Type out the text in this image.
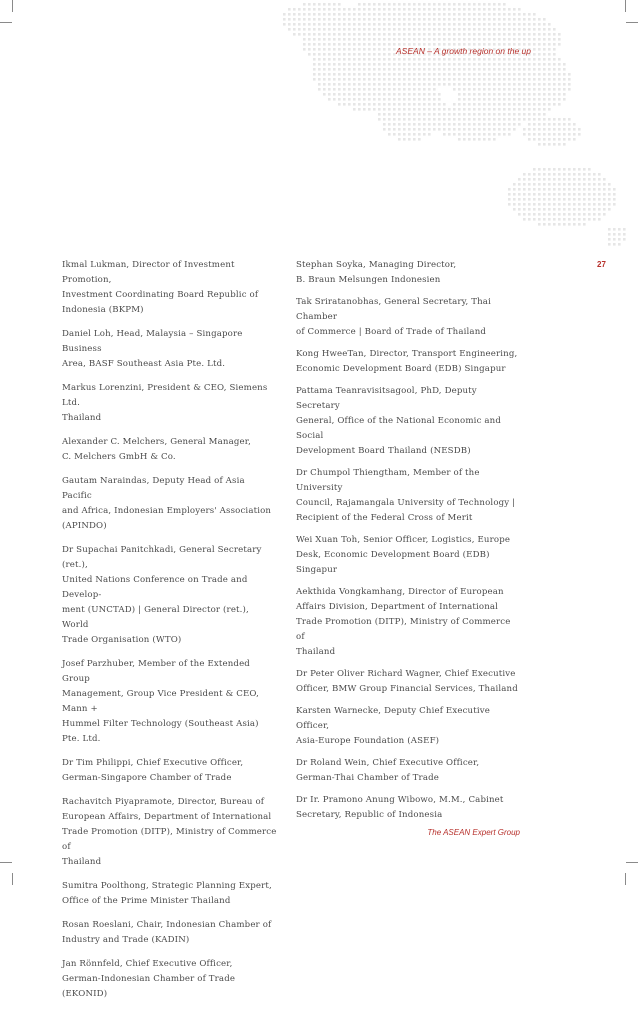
ASEAN – A growth region on the up
27

Ikmal Lukman, Director of Investment Promotion,
Investment Coordinating Board Republic of
Indonesia (BKPM)

Daniel Loh, Head, Malaysia – Singapore Business
Area, BASF Southeast Asia Pte. Ltd.

Markus Lorenzini, President & CEO, Siemens Ltd.
Thailand

Alexander C. Melchers, General Manager,
C. Melchers GmbH & Co.

Gautam Naraindas, Deputy Head of Asia Pacific
and Africa, Indonesian Employers' Association
(APINDO)

Dr Supachai Panitchkadi, General Secretary (ret.),
United Nations Conference on Trade and Develop-
ment (UNCTAD) | General Director (ret.), World
Trade Organisation (WTO)

Josef Parzhuber, Member of the Extended Group
Management, Group Vice President & CEO, Mann +
Hummel Filter Technology (Southeast Asia) Pte. Ltd.

Dr Tim Philippi, Chief Executive Officer,
German-Singapore Chamber of Trade

Rachavitch Piyapramote, Director, Bureau of
European Affairs, Department of International
Trade Promotion (DITP), Ministry of Commerce of
Thailand

Sumitra Poolthong, Strategic Planning Expert,
Office of the Prime Minister Thailand

Rosan Roeslani, Chair, Indonesian Chamber of
Industry and Trade (KADIN)

Jan Rönnfeld, Chief Executive Officer,
German-Indonesian Chamber of Trade (EKONID)

Stephan Soyka, Managing Director,
B. Braun Melsungen Indonesien

Tak Sriratanobhas, General Secretary, Thai Chamber
of Commerce | Board of Trade of Thailand

Kong HweeTan, Director, Transport Engineering,
Economic Development Board (EDB) Singapur

Pattama Teanravisitsagool, PhD, Deputy Secretary
General, Office of the National Economic and Social
Development Board Thailand (NESDB)

Dr Chumpol Thiengtham, Member of the University
Council, Rajamangala University of Technology |
Recipient of the Federal Cross of Merit

Wei Xuan Toh, Senior Officer, Logistics, Europe
Desk, Economic Development Board (EDB) Singapur

Aekthida Vongkamhang, Director of European
Affairs Division, Department of International
Trade Promotion (DITP), Ministry of Commerce of
Thailand

Dr Peter Oliver Richard Wagner, Chief Executive
Officer, BMW Group Financial Services, Thailand

Karsten Warnecke, Deputy Chief Executive Officer,
Asia-Europe Foundation (ASEF)

Dr Roland Wein, Chief Executive Officer,
German-Thai Chamber of Trade

Dr Ir. Pramono Anung Wibowo, M.M., Cabinet
Secretary, Republic of Indonesia

The ASEAN Expert Group
